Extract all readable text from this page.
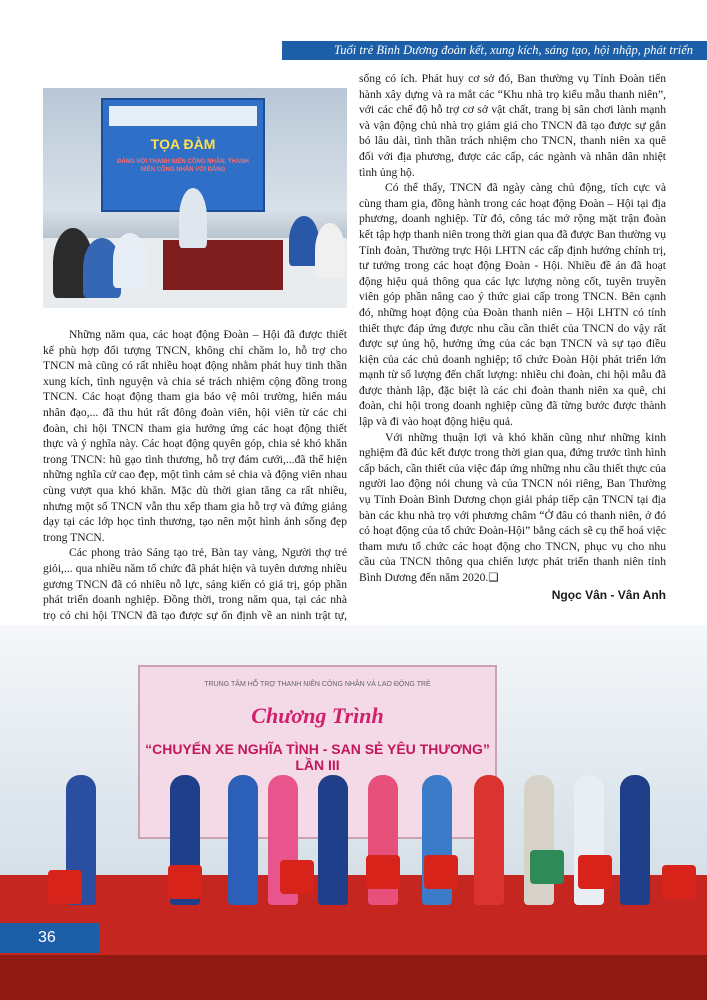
Tuổi trẻ Bình Dương đoàn kết, xung kích, sáng tạo, hội nhập, phát triển
TỌA ĐÀM
ĐẢNG VỚI THANH NIÊN CÔNG NHÂN, THANH NIÊN CÔNG NHÂN VỚI ĐẢNG

Những năm qua, các hoạt động Đoàn – Hội đã được thiết kế phù hợp đối tượng TNCN, không chỉ chăm lo, hỗ trợ cho TNCN mà cũng có rất nhiều hoạt động nhằm phát huy tinh thần xung kích, tình nguyện và chia sẻ trách nhiệm cộng đồng trong TNCN. Các hoạt động tham gia bảo vệ môi trường, hiến máu nhân đạo,... đã thu hút rất đông đoàn viên, hội viên từ các chi đoàn, chi hội TNCN tham gia hưởng ứng các hoạt động thiết thực và ý nghĩa này. Các hoạt động quyên góp, chia sẻ khó khăn trong TNCN: hũ gạo tình thương, hỗ trợ đám cưới,...đã thể hiện những nghĩa cử cao đẹp, một tình cảm sẻ chia và động viên nhau cùng vượt qua khó khăn. Mặc dù thời gian tăng ca rất nhiều, nhưng một số TNCN vẫn thu xếp tham gia hỗ trợ và đứng giảng dạy tại các lớp học tình thương, tạo nên một hình ảnh sống đẹp trong TNCN.

Các phong trào Sáng tạo trẻ, Bàn tay vàng, Người thợ trẻ giỏi,... qua nhiều năm tổ chức đã phát hiện và tuyên dương nhiều gương TNCN đã có nhiều nỗ lực, sáng kiến có giá trị, góp phần phát triển doanh nghiệp. Đồng thời, trong năm qua, tại các nhà trọ có chi hội TNCN đã tạo được sự ổn định về an ninh trật tự,

sống có ích. Phát huy cơ sở đó, Ban thường vụ Tỉnh Đoàn tiến hành xây dựng và ra mắt các “Khu nhà trọ kiểu mẫu thanh niên”, với các chế độ hỗ trợ cơ sở vật chất, trang bị sân chơi lành mạnh và vận động chủ nhà trọ giảm giá cho TNCN đã tạo được sự gắn bó lâu dài, tình thần trách nhiệm cho TNCN, thanh niên xa quê đối với địa phương, được các cấp, các ngành và nhân dân nhiệt tình ủng hộ.

Có thể thấy, TNCN đã ngày càng chủ động, tích cực và cùng tham gia, đồng hành trong các hoạt động Đoàn – Hội tại địa phương, doanh nghiệp. Từ đó, công tác mở rộng mặt trận đoàn kết tập hợp thanh niên trong thời gian qua đã được Ban thường vụ Tỉnh đoàn, Thường trực Hội LHTN các cấp định hướng chính trị, tư tưởng trong các hoạt động Đoàn - Hội. Nhiều đề án đã hoạt động hiệu quả thông qua các lực lượng nòng cốt, tuyên truyền viên góp phần nâng cao ý thức giai cấp trong TNCN. Bên cạnh đó, những hoạt động của Đoàn thanh niên – Hội LHTN có tính thiết thực đáp ứng được nhu cầu cần thiết của TNCN do vậy rất được sự ủng hộ, hưởng ứng của các bạn TNCN và sự tạo điều kiện của các chủ doanh nghiệp; tổ chức Đoàn Hội phát triển lớn mạnh từ số lượng đến chất lượng: nhiều chi đoàn, chi hội mẫu đã được thành lập, đặc biệt là các chi đoàn thanh niên xa quê, chi đoàn, chi hội trong doanh nghiệp cũng đã từng bước được thành lập và đi vào hoạt động hiệu quả.

Với những thuận lợi và khó khăn cũng như những kinh nghiệm đã đúc kết được trong thời gian qua, đứng trước tình hình cấp bách, cần thiết của việc đáp ứng những nhu cầu thiết thực của người lao động nói chung và của TNCN nói riêng, Ban Thường vụ Tỉnh Đoàn Bình Dương chọn giải pháp tiếp cận TNCN tại địa bàn các khu nhà trọ với phương châm “Ở đâu có thanh niên, ở đó có hoạt động của tổ chức Đoàn-Hội” bằng cách sẽ cụ thể hoá việc tham mưu tổ chức các hoạt động cho TNCN, phục vụ cho nhu cầu của TNCN thông qua chiến lược phát triển thanh niên tỉnh Bình Dương đến năm 2020.❑

Ngọc Vân - Vân Anh
TRUNG TÂM HỖ TRỢ THANH NIÊN CÔNG NHÂN VÀ LAO ĐỘNG TRẺ
Chương Trình
“CHUYẾN XE NGHĨA TÌNH - SAN SẺ YÊU THƯƠNG” LẦN III
36
